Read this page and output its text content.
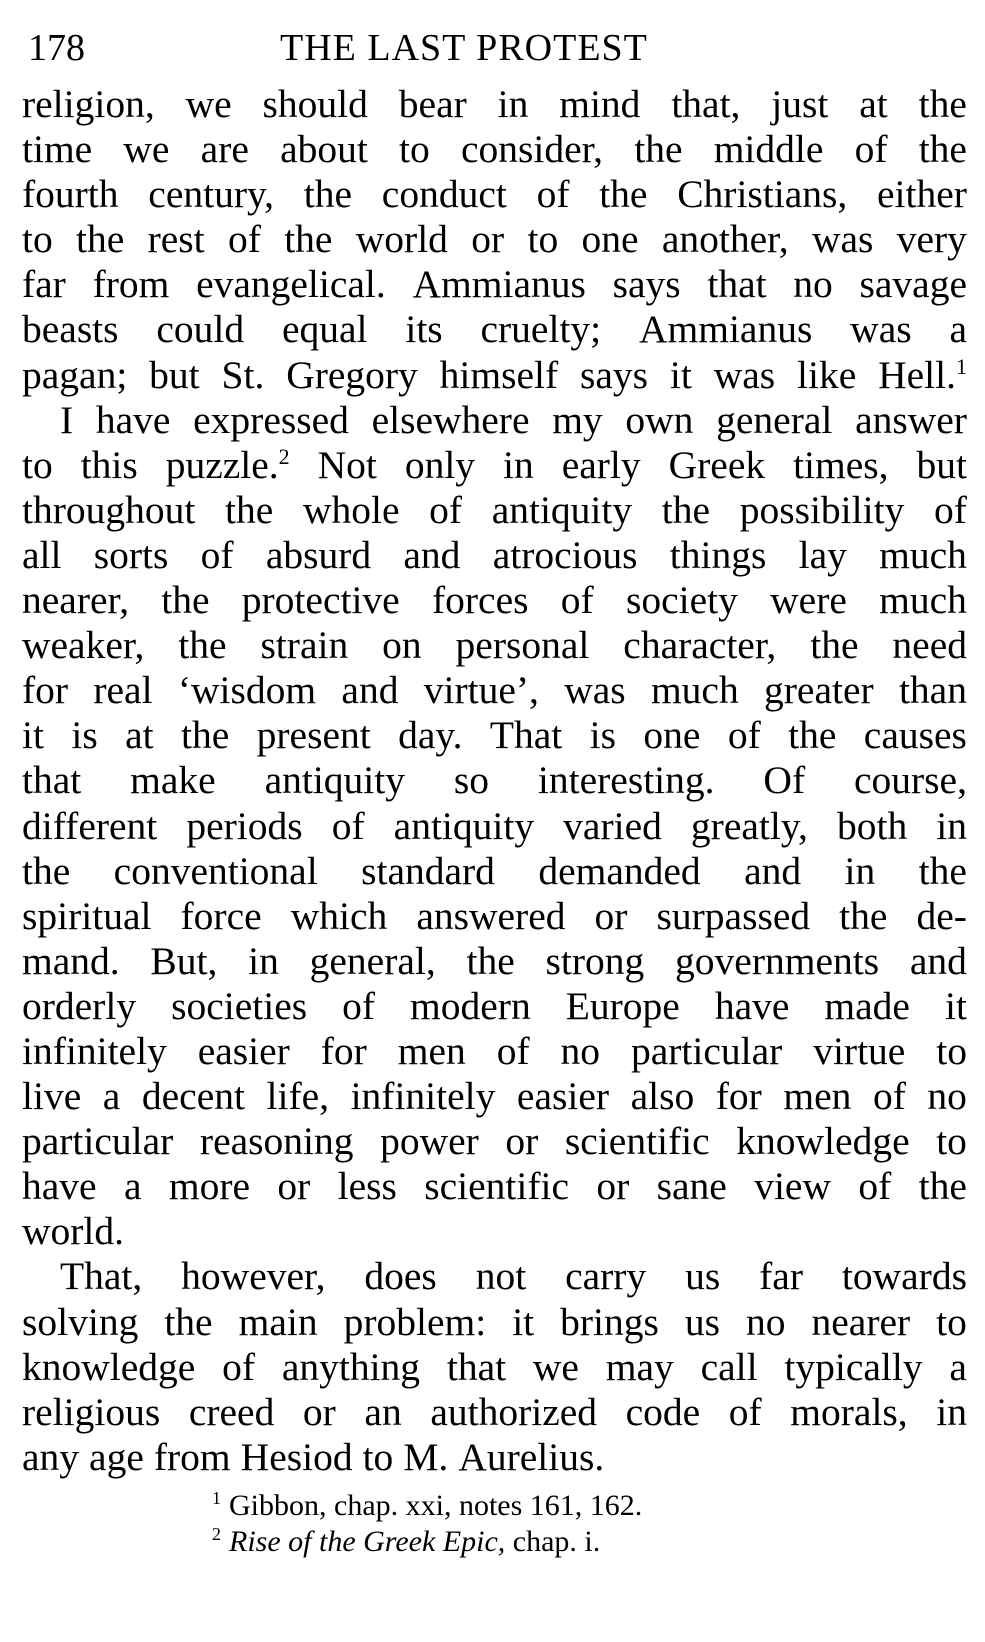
178	THE LAST PROTEST
religion, we should bear in mind that, just at the
time we are about to consider, the middle of the
fourth century, the conduct of the Christians, either
to the rest of the world or to one another, was very
far from evangelical. Ammianus says that no savage
beasts could equal its cruelty; Ammianus was a
pagan; but St. Gregory himself says it was like Hell.$^1$
I have expressed elsewhere my own general answer
to this puzzle.$^2$ Not only in early Greek times, but
throughout the whole of antiquity the possibility of
all sorts of absurd and atrocious things lay much
nearer, the protective forces of society were much
weaker, the strain on personal character, the need
for real ‘wisdom and virtue’, was much greater than
it is at the present day. That is one of the causes
that make antiquity so interesting. Of course,
different periods of antiquity varied greatly, both in
the conventional standard demanded and in the
spiritual force which answered or surpassed the de-
mand. But, in general, the strong governments and
orderly societies of modern Europe have made it
infinitely easier for men of no particular virtue to
live a decent life, infinitely easier also for men of no
particular reasoning power or scientific knowledge to
have a more or less scientific or sane view of the
world.
That, however, does not carry us far towards
solving the main problem: it brings us no nearer to
knowledge of anything that we may call typically a
religious creed or an authorized code of morals, in
any age from Hesiod to M. Aurelius.
$^1$ Gibbon, chap. xxi, notes 161, 162.
$^2$ Rise of the Greek Epic, chap. i.
